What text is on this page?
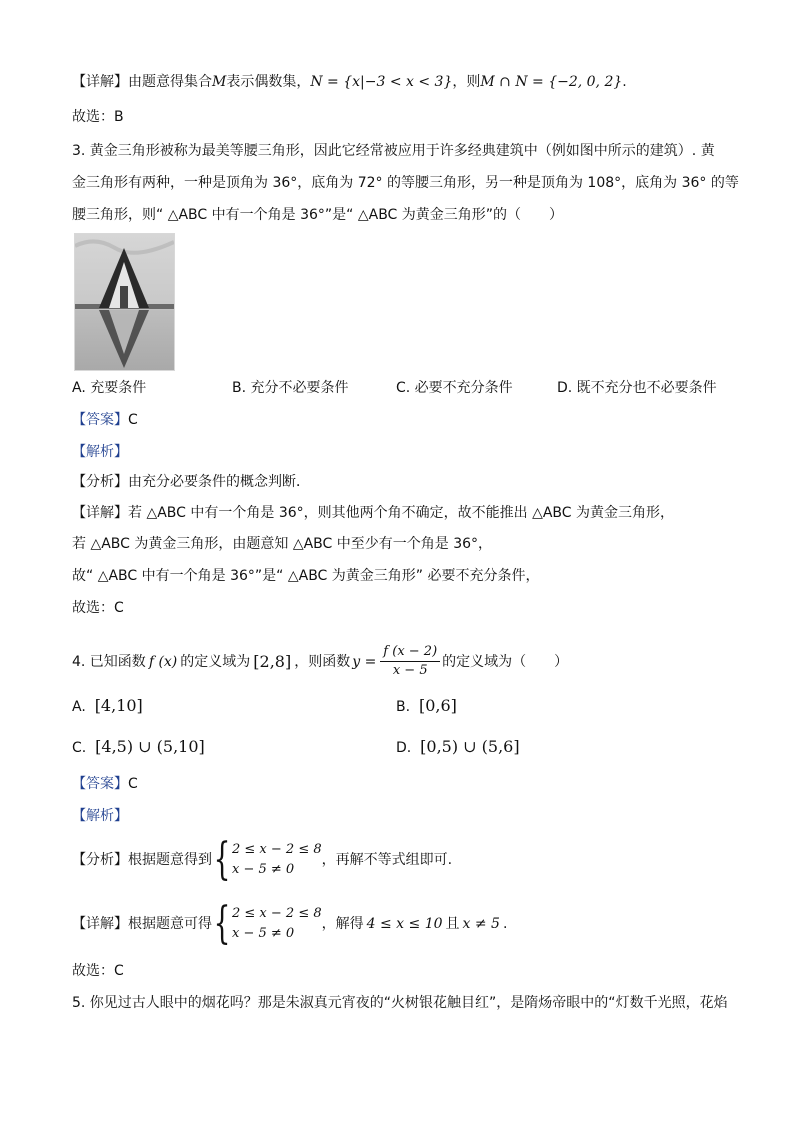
【详解】由题意得集合M表示偶数集，N = {x|−3 < x < 3}，则M ∩ N = {−2, 0, 2}.
故选：B
3. 黄金三角形被称为最美等腰三角形，因此它经常被应用于许多经典建筑中（例如图中所示的建筑）. 黄
金三角形有两种，一种是顶角为 36°，底角为 72° 的等腰三角形，另一种是顶角为 108°，底角为 36° 的等
腰三角形，则“ △ABC 中有一个角是 36°”是“ △ABC 为黄金三角形”的（　　）
A. 充要条件	B. 充分不必要条件	C. 必要不充分条件	D. 既不充分也不必要条件
【答案】C
【解析】
【分析】由充分必要条件的概念判断．
【详解】若 △ABC 中有一个角是 36°，则其他两个角不确定，故不能推出 △ABC 为黄金三角形，
若 △ABC 为黄金三角形，由题意知 △ABC 中至少有一个角是 36°，
故“ △ABC 中有一个角是 36°”是“ △ABC 为黄金三角形” 必要不充分条件，
故选：C
4. 已知函数 f (x) 的定义域为 [2,8] ，则函数 $y = \frac{f (x - 2)}{x - 5}$ 的定义域为（　　）
A. [4,10]	B. [0,6]
C. [4,5) ∪ (5,10]	D. [0,5) ∪ (5,6]
【答案】C
【解析】
【分析】 根据题意得到 { 2 ≤ x − 2 ≤ 8
x − 5 ≠ 0
，再解不等式组即可.
【详解】 根据题意可得 { 2 ≤ x − 2 ≤ 8
x − 5 ≠ 0
，解得 4 ≤ x ≤ 10 且 x ≠ 5 .
故选：C
5. 你见过古人眼中的烟花吗？那是朱淑真元宵夜的“火树银花触目红”，是隋炀帝眼中的“灯数千光照，花焰
